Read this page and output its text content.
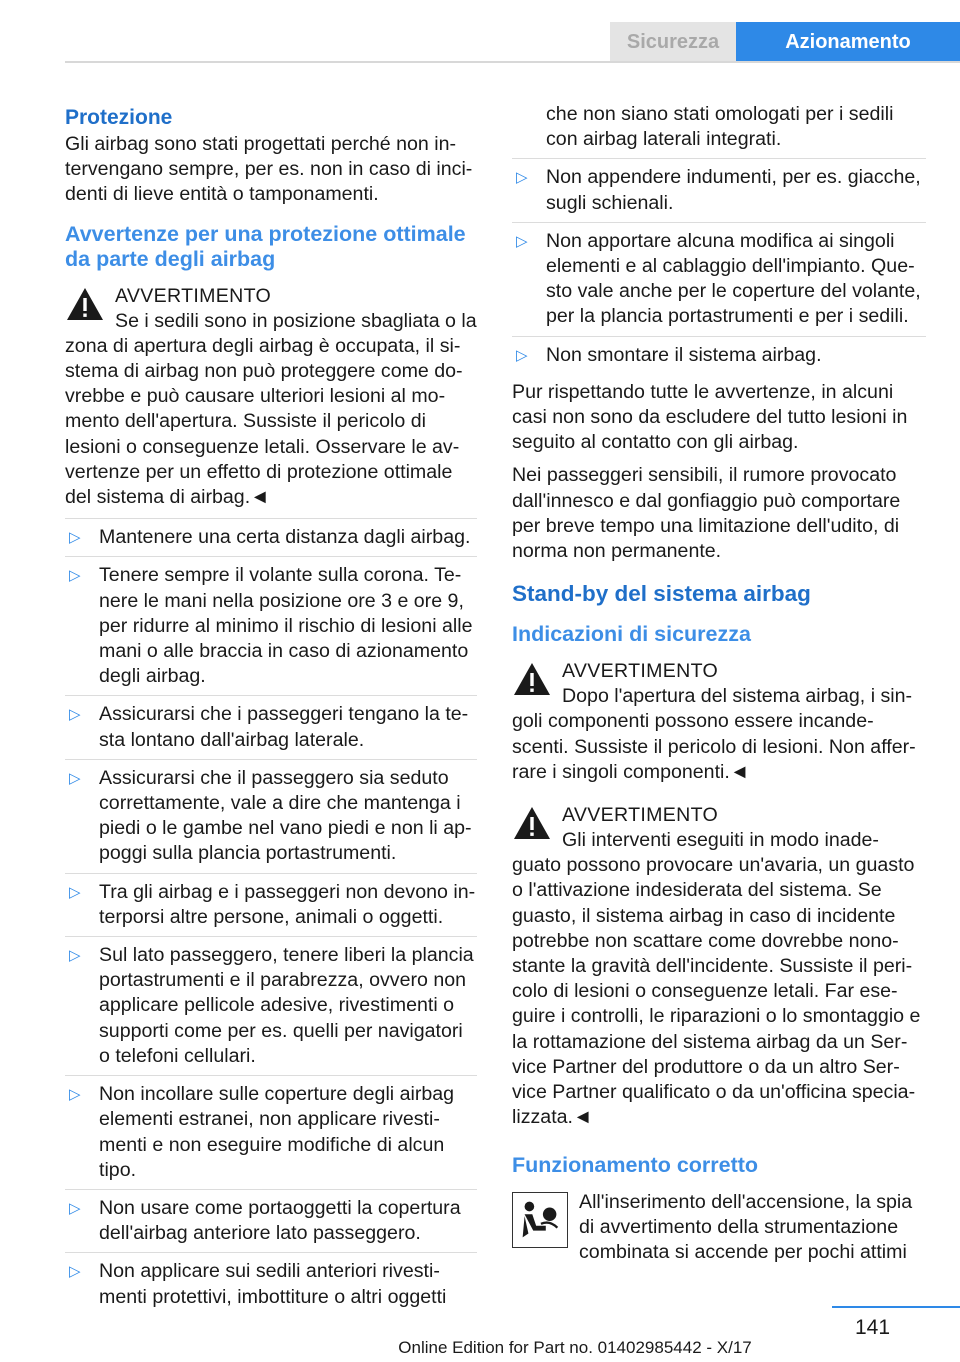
Sicurezza	Azionamento
Protezione

Gli airbag sono stati progettati perché non in-tervengano sempre, per es. non in caso di inci-denti di lieve entità o tamponamenti.

Avvertenze per una protezione ottimale da parte degli airbag
AVVERTIMENTO
Se i sedili sono in posizione sbagliata o la
zona di apertura degli airbag è occupata, il si-stema di airbag non può proteggere come do-vrebbe e può causare ulteriori lesioni al mo-mento dell'apertura. Sussiste il pericolo di lesioni o conseguenze letali. Osservare le av-vertenze per un effetto di protezione ottimale del sistema di airbag.◄
▷ Mantenere una certa distanza dagli airbag.
▷ Tenere sempre il volante sulla corona. Te-nere le mani nella posizione ore 3 e ore 9, per ridurre al minimo il rischio di lesioni alle mani o alle braccia in caso di azionamento degli airbag.
▷ Assicurarsi che i passeggeri tengano la te-sta lontano dall'airbag laterale.
▷ Assicurarsi che il passeggero sia seduto correttamente, vale a dire che mantenga i piedi o le gambe nel vano piedi e non li ap-poggi sulla plancia portastrumenti.
▷ Tra gli airbag e i passeggeri non devono in-terporsi altre persone, animali o oggetti.
▷ Sul lato passeggero, tenere liberi la plancia portastrumenti e il parabrezza, ovvero non applicare pellicole adesive, rivestimenti o supporti come per es. quelli per navigatori o telefoni cellulari.
▷ Non incollare sulle coperture degli airbag elementi estranei, non applicare rivesti-menti e non eseguire modifiche di alcun tipo.
▷ Non usare come portaoggetti la copertura dell'airbag anteriore lato passeggero.
▷ Non applicare sui sedili anteriori rivesti-menti protettivi, imbottiture o altri oggetti
che non siano stati omologati per i sedili con airbag laterali integrati.
▷ Non appendere indumenti, per es. giacche, sugli schienali.
▷ Non apportare alcuna modifica ai singoli elementi e al cablaggio dell'impianto. Que-sto vale anche per le coperture del volante, per la plancia portastrumenti e per i sedili.
▷ Non smontare il sistema airbag.

Pur rispettando tutte le avvertenze, in alcuni casi non sono da escludere del tutto lesioni in seguito al contatto con gli airbag.

Nei passeggeri sensibili, il rumore provocato dall'innesco e dal gonfiaggio può comportare per breve tempo una limitazione dell'udito, di norma non permanente.

Stand-by del sistema airbag
Indicazioni di sicurezza
AVVERTIMENTO
Dopo l'apertura del sistema airbag, i sin-
goli componenti possono essere incande-scenti. Sussiste il pericolo di lesioni. Non affer-rare i singoli componenti.◄
AVVERTIMENTO
Gli interventi eseguiti in modo inade-
guato possono provocare un'avaria, un guasto o l'attivazione indesiderata del sistema. Se guasto, il sistema airbag in caso di incidente potrebbe non scattare come dovrebbe nono-stante la gravità dell'incidente. Sussiste il peri-colo di lesioni o conseguenze letali. Far ese-guire i controlli, le riparazioni o lo smontaggio e la rottamazione del sistema airbag da un Ser-vice Partner del produttore o da un altro Ser-vice Partner qualificato o da un'officina specia-lizzata.◄
Funzionamento corretto
All'inserimento dell'accensione, la spia di avvertimento della strumentazione combinata si accende per pochi attimi
141
Online Edition for Part no. 01402985442 - X/17
